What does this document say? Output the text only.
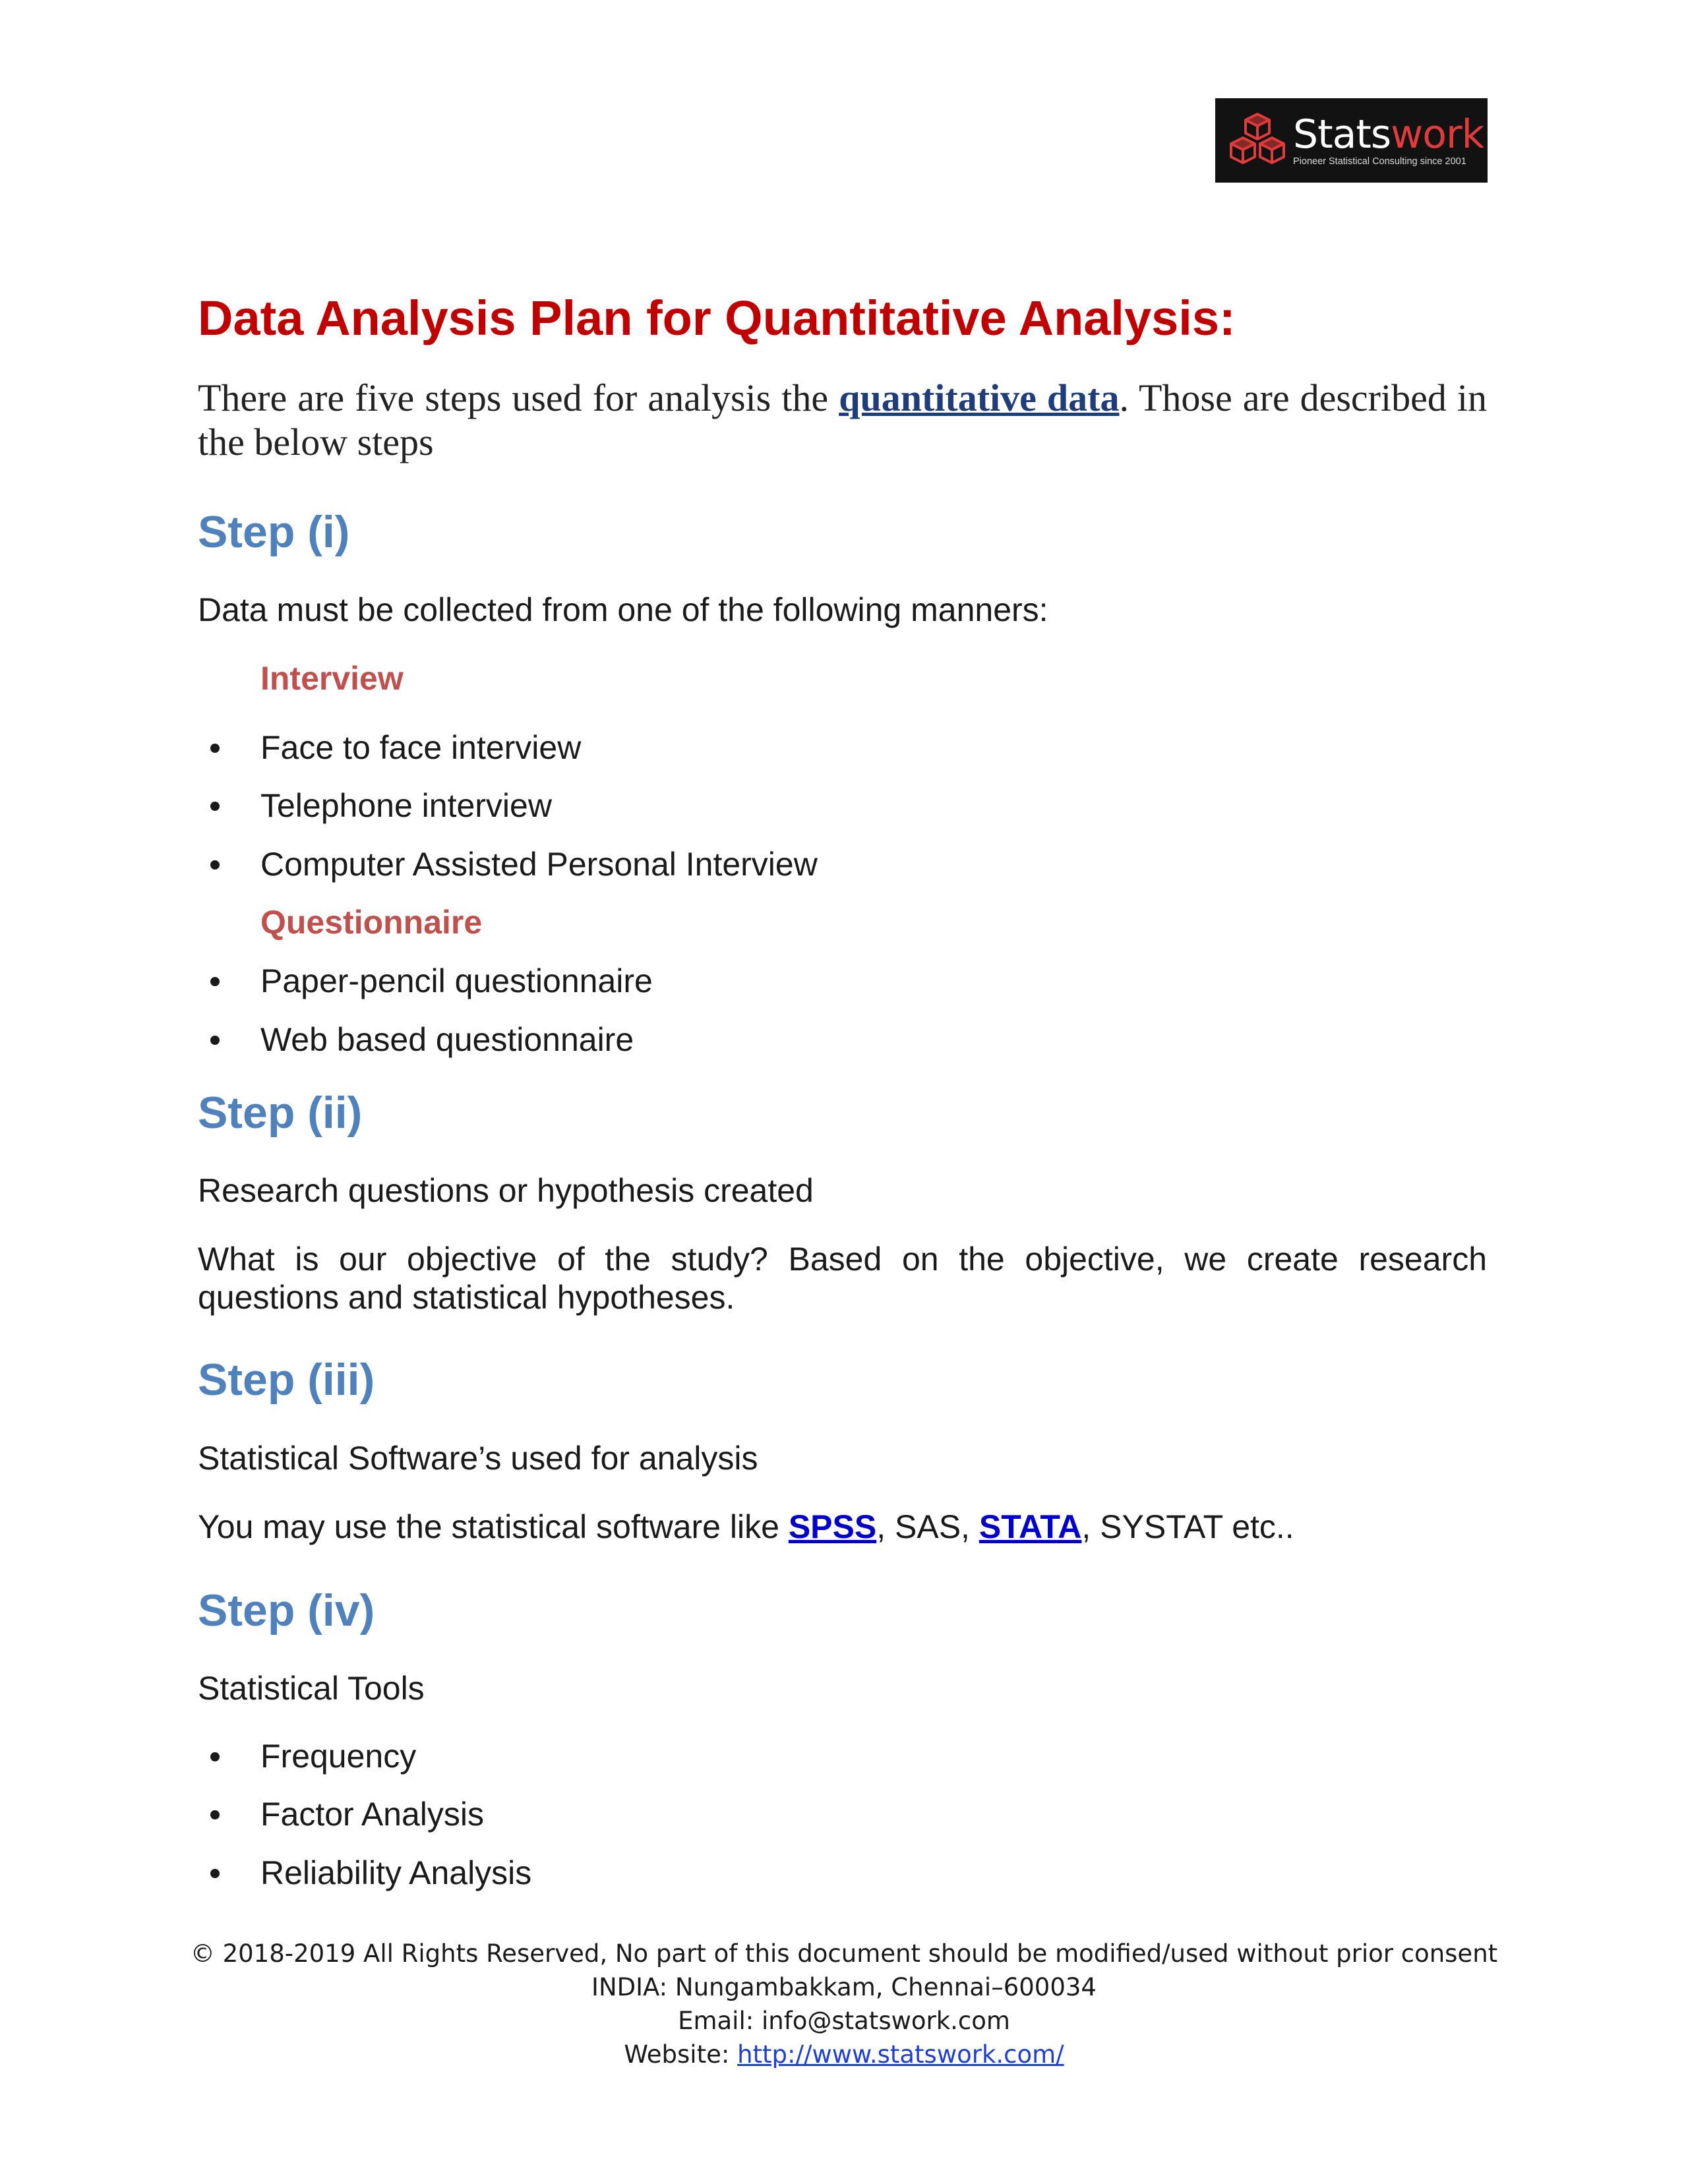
Statswork
Pioneer Statistical Consulting since 2001
Data Analysis Plan for Quantitative Analysis:
There are five steps used for analysis the quantitative data. Those are described in the below steps
Step (i)
Data must be collected from one of the following manners:
Interview
Face to face interview
Telephone interview
Computer Assisted Personal Interview
Questionnaire
Paper-pencil questionnaire
Web based questionnaire
Step (ii)
Research questions or hypothesis created
What is our objective of the study? Based on the objective, we create research questions and statistical hypotheses.
Step (iii)
Statistical Software’s used for analysis
You may use the statistical software like SPSS, SAS, STATA, SYSTAT etc..
Step (iv)
Statistical Tools
Frequency
Factor Analysis
Reliability Analysis
© 2018-2019 All Rights Reserved, No part of this document should be modified/used without prior consent
INDIA: Nungambakkam, Chennai–600034
Email: info@statswork.com
Website: http://www.statswork.com/
